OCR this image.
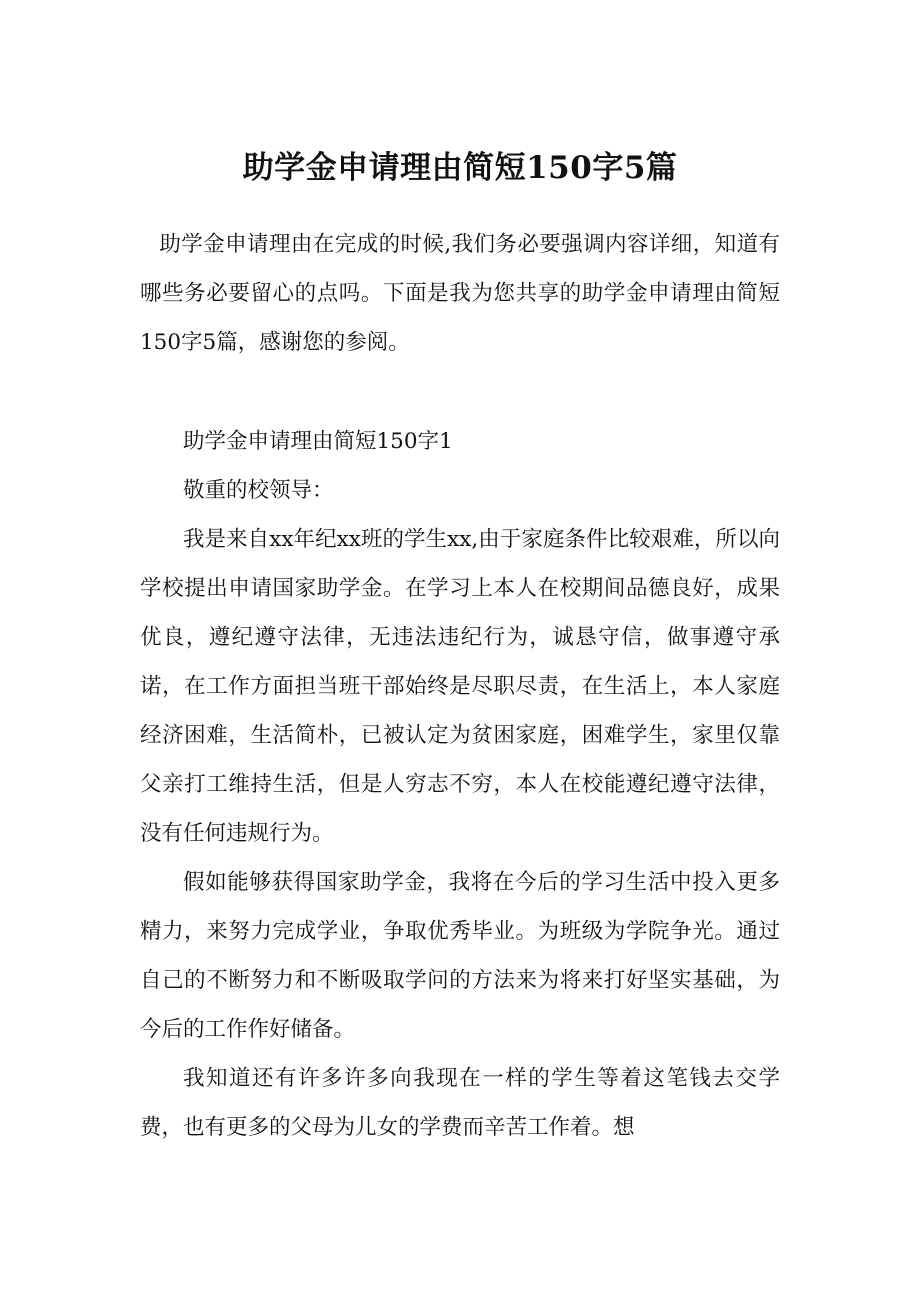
助学金申请理由简短150字5篇

助学金申请理由在完成的时候,我们务必要强调内容详细，知道有哪些务必要留心的点吗。下面是我为您共享的助学金申请理由简短150字5篇，感谢您的参阅。

助学金申请理由简短150字1

敬重的校领导：

我是来自xx年纪xx班的学生xx,由于家庭条件比较艰难，所以向学校提出申请国家助学金。在学习上本人在校期间品德良好，成果优良，遵纪遵守法律，无违法违纪行为，诚恳守信，做事遵守承诺，在工作方面担当班干部始终是尽职尽责，在生活上，本人家庭经济困难，生活简朴，已被认定为贫困家庭，困难学生，家里仅靠父亲打工维持生活，但是人穷志不穷，本人在校能遵纪遵守法律，没有任何违规行为。

假如能够获得国家助学金，我将在今后的学习生活中投入更多精力，来努力完成学业，争取优秀毕业。为班级为学院争光。通过自己的不断努力和不断吸取学问的方法来为将来打好坚实基础，为今后的工作作好储备。

我知道还有许多许多向我现在一样的学生等着这笔钱去交学费，也有更多的父母为儿女的学费而辛苦工作着。想
